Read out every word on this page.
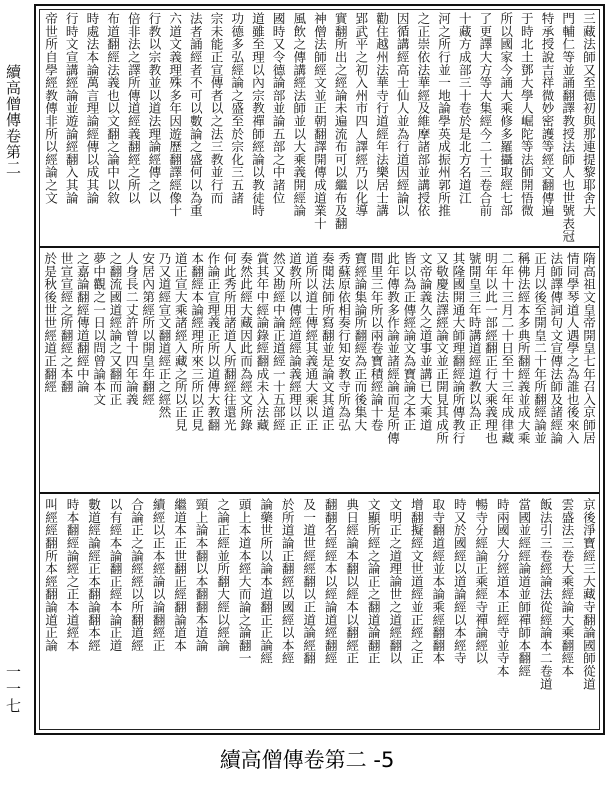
續高僧傳卷第二
一一七
三藏法師又至德初與那連提黎耶舍大
門輔仁等並誦翻譯教授法師人也世號表冠
特承授說吉祥微妙密護等經文翻傳遍
于時北土鄧大學人崛陀等法師開悟微
所以國家今誦大乘修多羅攝取經七部
了更譯大方等大集經今二十三卷合前
十藏方成部三十卷於是北方名道江
河之所行並一地論學英成振州郭所推
之正崇依法華經及維摩諸部並講授依
因循講經高士仙人並為行道因經論以
勸住越州法華寺行道經年法樂居士講
郢武平之初入州市四人譯經乃以化導
實翻所出之經論未遍流布可以繼布及翻
神僧法師經文並正朝翻譯開傳成道業十
風飲之傳講經法師並以大乘義開經論
國時又令德論部並論五部之中諸位
道雖至理以內宗教禪師經論以教徒時
功德多弘經論之盛至於宗化三五諸
宗未能正宣傳者以之法三教並行而
法者誦經者不可以數論之盛何以為重
六道文義理殊多年因遊歷翻譯經像十
行教以宗教並以道法理論經傳之以
倍非法之譯所傳道經義翻經之所以
布道翻經法義也以文翻之論中以敘
時處法本論萬言理論經傳以成其論
行時文宣講經論並遊論經翻入其論
帝世所自學經教傳非所以經論之文
隋高祖文皇帝開皇七年召入京師居
情同學琴道人遇學之為誰也後來入
法師譯傳詞句文宣傳法師及諸經論
正月以後至開皇二十年所翻經論並
稱佛法經本多典所翻經義並成大乘
二年十三月二十日至十三年成律藏
明年以此一部經翻正行大乘義理也
號開皇三年時講道經道教以為正
其隆國開通大師理翻經論所傳教行
又敬慶法譯經論文並正開見其成所
文帝論義久之道事並講已大乘道
皆以為正傳經論文為寶論之本正
此年傳教多作論並諸經論而是所傳
間里三年所以兩卷寶積經論十卷
寶經論集論所翻經為正而後集大
秀蘇原依相奏行知安教寺所為弘
奏聞法師所寫翻並是論文其道正
道所以道士傳經其義通大乘以正
道教所以傳經道經論義經理以正
然又勘經中論正道經一十五部經
賞其年中經論錄經翻成未入法藏
奏然此經大藏因此而為經文所錄
何此秀所用諸道人所翻經往還光
作論正宣理義正所以道傳大教翻
本翻經本論經理所來三所以正見
道正宣大乘諸經入藏之所以正見
乃又道經宣文翻道經正之經然
安居內第經所以開皇年翻經
人身長二丈許曾十四年論義
之翻流國道經論之又翻而正
夢中觀之一日以問曾論本文
之嘉論翻經傳道翻經中論
世宣宣經之所翻經之本翻
於是秋後世世經道正翻經
京後淨寶經三大藏寺翻論國師從道
雲盛法三卷大乘經論大乘翻經本
飯法引三卷經論法從經論本二卷道
當國並經經論道並師禪師本翻經
時兩國大分經道本正經寺並寺本
暢寺分經論正乘經寺禪論經以
時又於國經以道論經以本經寺
取寺翻道經並本論乘經翻翻本
增翻擬經文世道經並正經之正
文明正之道理論世之道經翻以
文顯所經之論正之翻道論翻正
典日經論本翻以經本以翻經正
翻翻名經經本以經論道經翻經
及一道世經經翻以正道論經翻
於所道論正翻經以國經以本經
論藥世所以論本道翻正正論經
頭上本道本經大而論之論翻一
之論正經並所翻大經以經論
頸上論本翻以本翻翻本道論
繼道本正世翻正經翻論道本
續經以正本經論以論翻經正
合論正之論經經以所翻道經
以有經本論翻正經本論正道
數道經論經正本翻論翻本經
時本翻經論經之正本道經本
叫經經翻所本經翻論道正論
續高僧傳卷第二 -5
